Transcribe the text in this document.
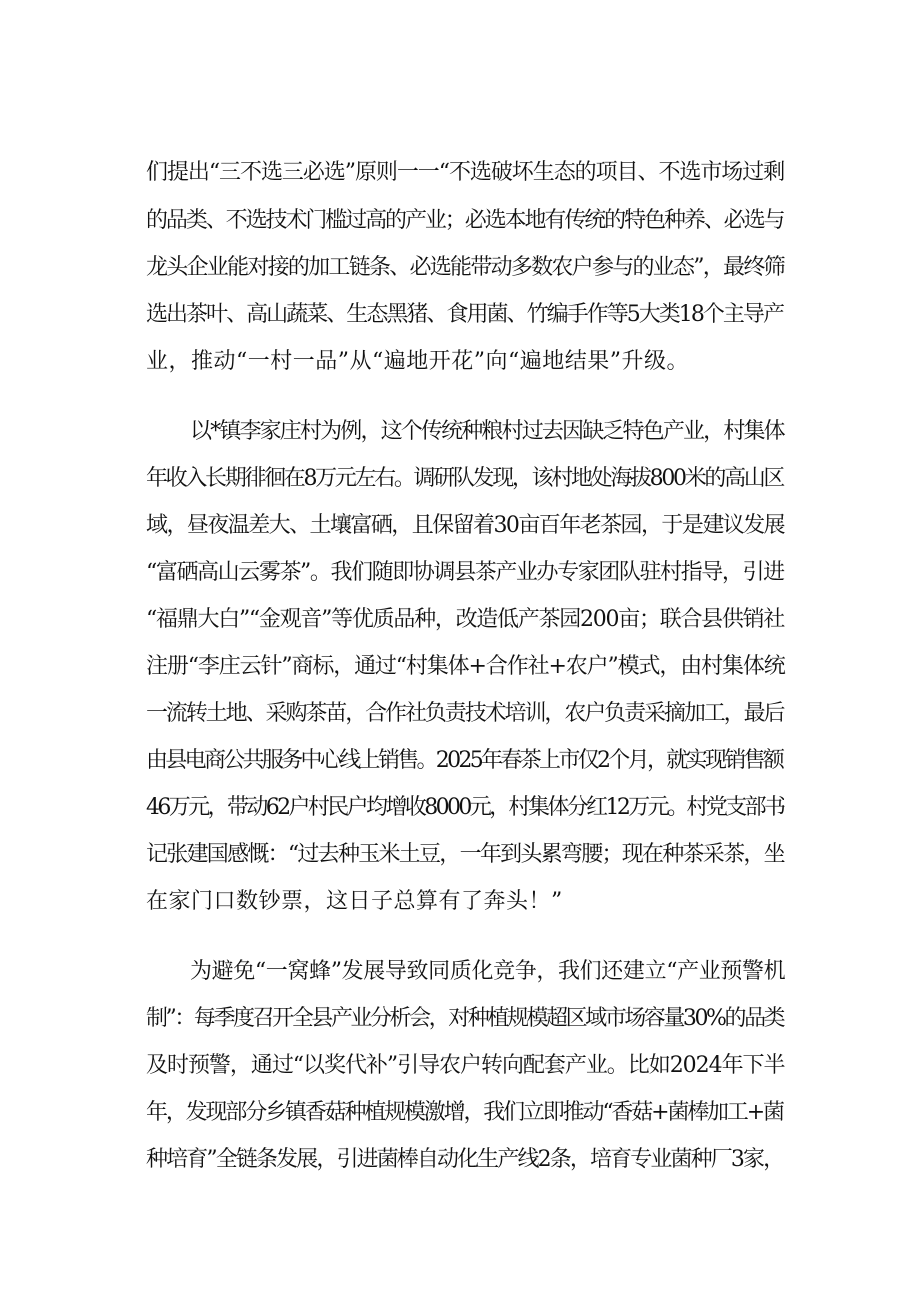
们提出“三不选三必选”原则一一“不选破坏生态的项目、不选市场过剩
的品类、不选技术门槛过高的产业；必选本地有传统的特色种养、必选与
龙头企业能对接的加工链条、必选能带动多数农户参与的业态”，最终筛
选出茶叶、高山蔬菜、生态黑猪、食用菌、竹编手作等5大类18个主导产
业，推动“一村一品”从“遍地开花”向“遍地结果”升级。
以*镇李家庄村为例，这个传统种粮村过去因缺乏特色产业，村集体
年收入长期徘徊在8万元左右。调研队发现，该村地处海拔800米的高山区
域，昼夜温差大、土壤富硒，且保留着30亩百年老茶园，于是建议发展
“富硒高山云雾茶”。我们随即协调县茶产业办专家团队驻村指导，引进
“福鼎大白”“金观音”等优质品种，改造低产茶园200亩；联合县供销社
注册“李庄云针”商标，通过“村集体+合作社+农户”模式，由村集体统
一流转土地、采购茶苗，合作社负责技术培训，农户负责采摘加工，最后
由县电商公共服务中心线上销售。2025年春茶上市仅2个月，就实现销售额
46万元，带动62户村民户均增收8000元，村集体分红12万元。村党支部书
记张建国感慨：“过去种玉米土豆，一年到头累弯腰；现在种茶采茶，坐
在家门口数钞票，这日子总算有了奔头！”
为避免“一窝蜂”发展导致同质化竞争，我们还建立“产业预警机
制”：每季度召开全县产业分析会，对种植规模超区域市场容量30%的品类
及时预警，通过“以奖代补”引导农户转向配套产业。比如2024年下半
年，发现部分乡镇香菇种植规模激增，我们立即推动“香菇+菌棒加工+菌
种培育”全链条发展，引进菌棒自动化生产线2条，培育专业菌种厂3家，
